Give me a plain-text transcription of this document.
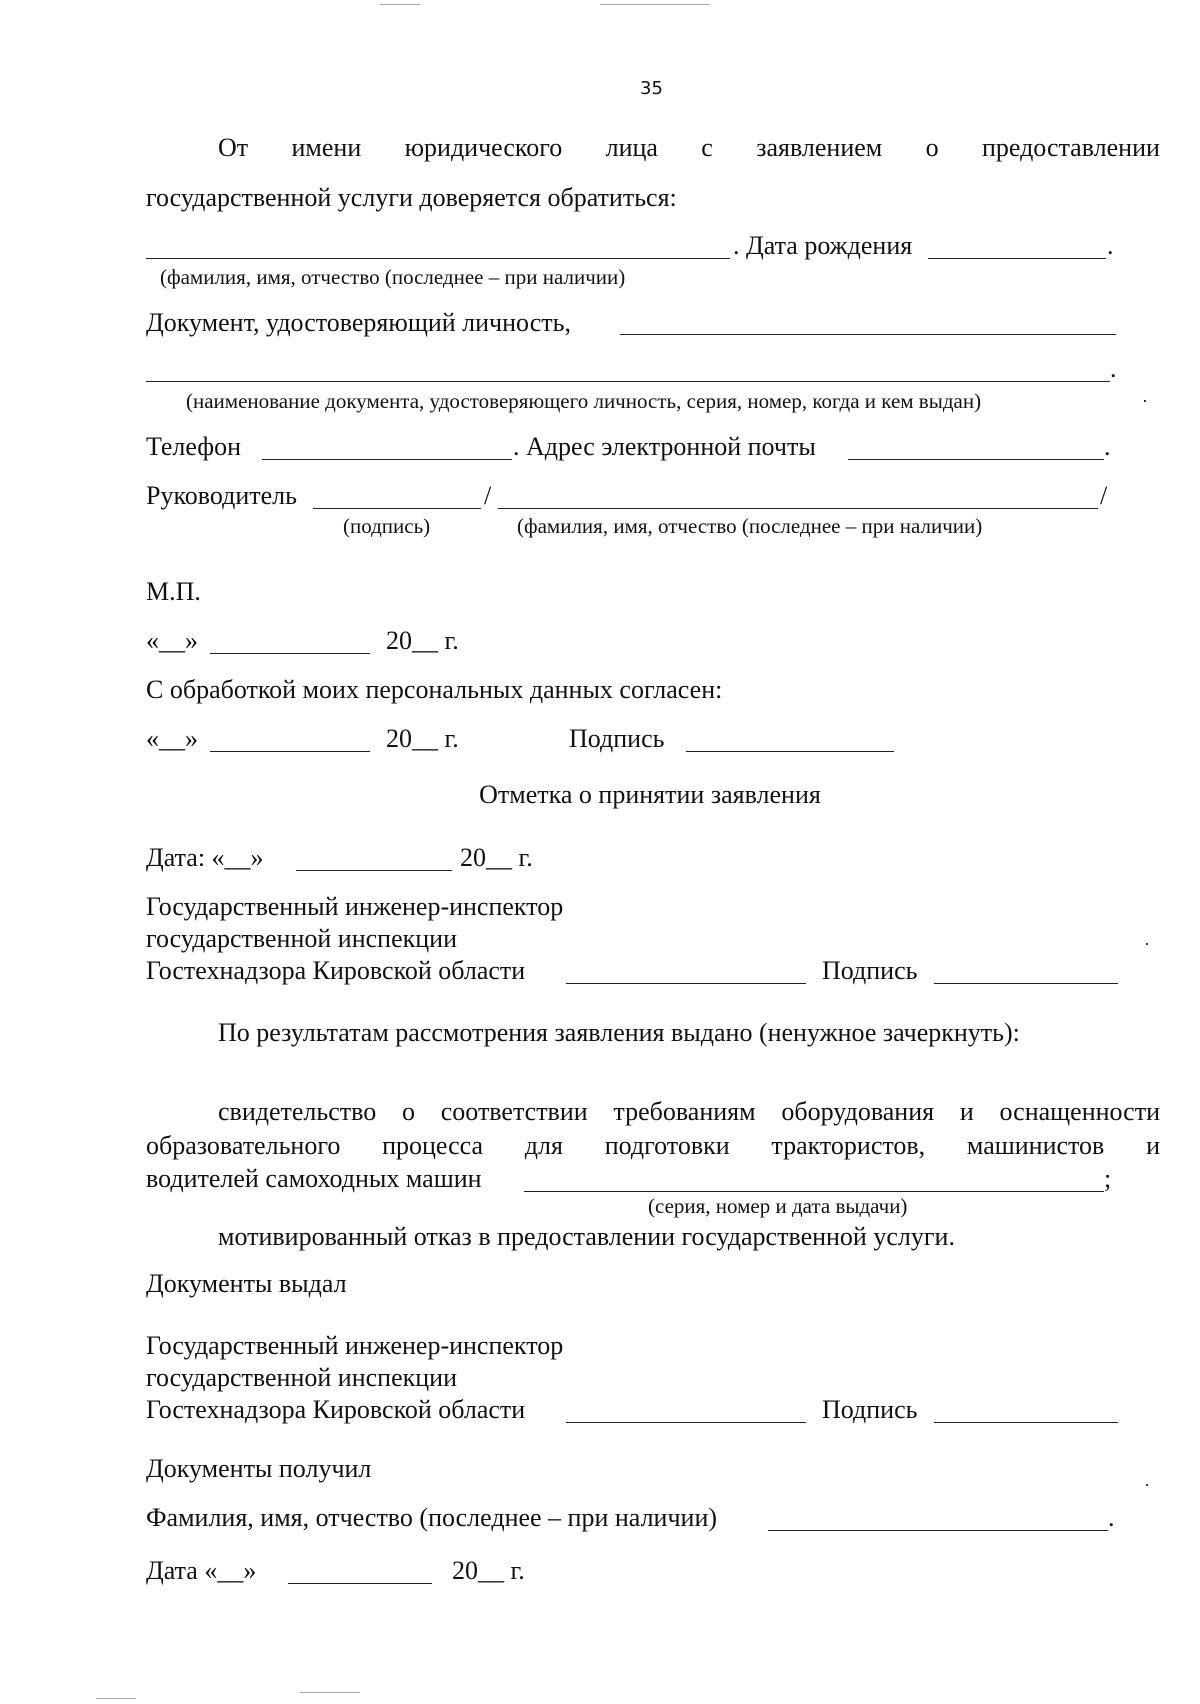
35
От имени юридического лица с заявлением о предоставлении
государственной услуги доверяется обратиться:
. Дата рождения	.
(фамилия, имя, отчество (последнее – при наличии)
Документ, удостоверяющий личность,
.
(наименование документа, удостоверяющего личность, серия, номер, когда и кем выдан)
Телефон	. Адрес электронной почты	.
Руководитель	/	/
(подпись)	(фамилия, имя, отчество (последнее – при наличии)
М.П.
«__»	20__ г.
С обработкой моих персональных данных согласен:
«__»	20__ г.	Подпись
Отметка о принятии заявления
Дата: «__»	20__ г.
Государственный инженер-инспектор
государственной инспекции
Гостехнадзора Кировской области	Подпись
По результатам рассмотрения заявления выдано (ненужное зачеркнуть):
свидетельство о соответствии требованиям оборудования и оснащенности
образовательного процесса для подготовки трактористов, машинистов и
водителей самоходных машин	;
(серия, номер и дата выдачи)
мотивированный отказ в предоставлении государственной услуги.
Документы выдал
Государственный инженер-инспектор
государственной инспекции
Гостехнадзора Кировской области	Подпись
Документы получил
Фамилия, имя, отчество (последнее – при наличии)	.
Дата «__»	20__ г.
